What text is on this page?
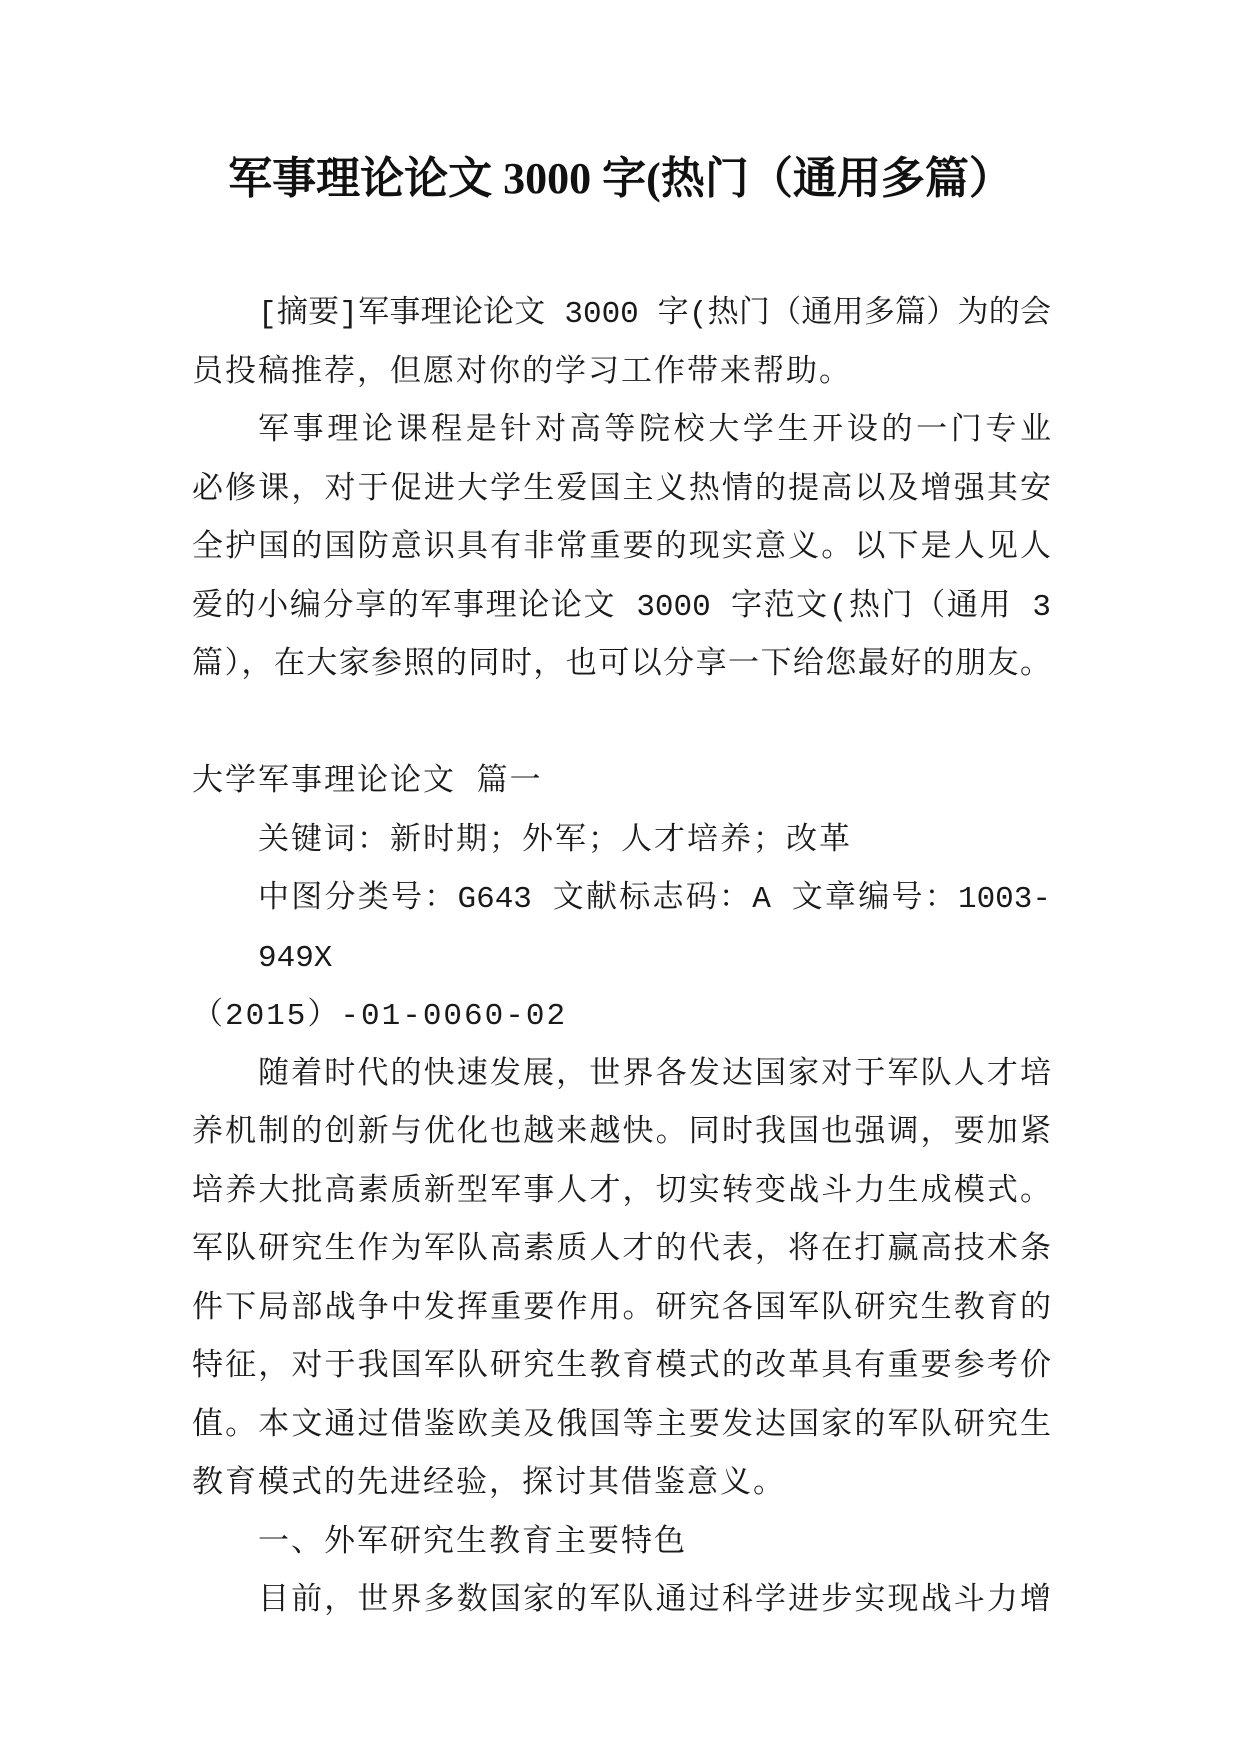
军事理论论文 3000 字(热门（通用多篇）
[摘要]军事理论论文 3000 字(热门（通用多篇）为的会
员投稿推荐，但愿对你的学习工作带来帮助。
军事理论课程是针对高等院校大学生开设的一门专业
必修课，对于促进大学生爱国主义热情的提高以及增强其安
全护国的国防意识具有非常重要的现实意义。以下是人见人
爱的小编分享的军事理论论文 3000 字范文(热门（通用 3
篇），在大家参照的同时，也可以分享一下给您最好的朋友。
大学军事理论论文 篇一
关键词：新时期；外军；人才培养；改革
中图分类号：G643 文献标志码：A 文章编号：1003-949X
（2015）-01-0060-02
随着时代的快速发展，世界各发达国家对于军队人才培
养机制的创新与优化也越来越快。同时我国也强调，要加紧
培养大批高素质新型军事人才，切实转变战斗力生成模式。
军队研究生作为军队高素质人才的代表，将在打赢高技术条
件下局部战争中发挥重要作用。研究各国军队研究生教育的
特征，对于我国军队研究生教育模式的改革具有重要参考价
值。本文通过借鉴欧美及俄国等主要发达国家的军队研究生
教育模式的先进经验，探讨其借鉴意义。
一、外军研究生教育主要特色
目前，世界多数国家的军队通过科学进步实现战斗力增
